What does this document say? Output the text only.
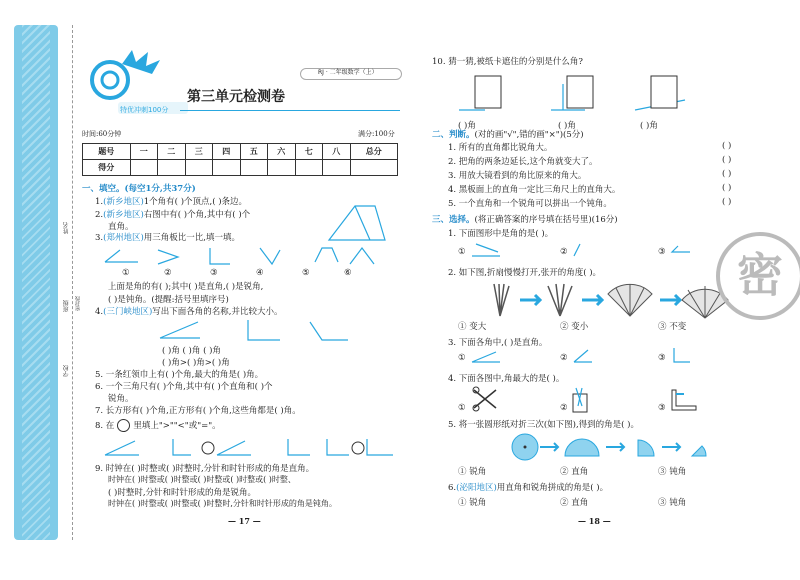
姓名
班级
学校
密封线
特优冲刺100分
RJ · 二年级数学（上）
第三单元检测卷
时间:60分钟	满分:100分
题号	一	二	三	四	五	六	七	八	总分
得分									
一、填空。(每空1分,共37分)
1.(新乡地区)1个角有( )个顶点,( )条边。
2.(新乡地区)右图中有( )个角,其中有( )个
直角。
3.(郑州地区)用三角板比一比,填一填。
①	②	③	④	⑤	⑥
上面是角的有( );其中( )是直角,( )是锐角,
( )是钝角。(提醒:括号里填序号)
4.(三门峡地区)写出下面各角的名称,并比较大小。
( )角 ( )角 ( )角
( )角>( )角>( )角
5. 一条红领巾上有( )个角,最大的角是( )角。
6. 一个三角尺有( )个角,其中有( )个直角和( )个
锐角。
7. 长方形有( )个角,正方形有( )个角,这些角都是( )角。
8. 在 里填上">""<"或"="。
9. 时钟在( )时整或( )时整时,分针和时针形成的角是直角。
时钟在( )时整或( )时整或( )时整或( )时整或( )时整、
( )时整时,分针和时针形成的角是锐角。
时钟在( )时整或( )时整或( )时整时,分针和时针形成的角是钝角。
— 17 —
10. 猜一猜,被纸卡遮住的分别是什么角?
( )角	( )角	( )角
二、判断。(对的画"√",错的画"×")(5分)
1. 所有的直角都比锐角大。
2. 把角的两条边延长,这个角就变大了。
3. 用放大镜看到的角比原来的角大。
4. 黑板面上的直角一定比三角尺上的直角大。
5. 一个直角和一个锐角可以拼出一个钝角。
( )
( )
( )
( )
( )
三、选择。(将正确答案的序号填在括号里)(16分)
1. 下面图形中是角的是( )。
①	②	③
2. 如下图,折扇慢慢打开,张开的角度( )。
① 变大	② 变小	③ 不变
3. 下面各角中,( )是直角。
①	②	③
4. 下面各图中,角最大的是( )。
①	②	③
5. 将一张圆形纸对折三次(如下图),得到的角是( )。
① 锐角	② 直角	③ 钝角
6.(泌阳地区)用直角和锐角拼成的角是( )。
① 锐角	② 直角	③ 钝角
— 18 —
密
